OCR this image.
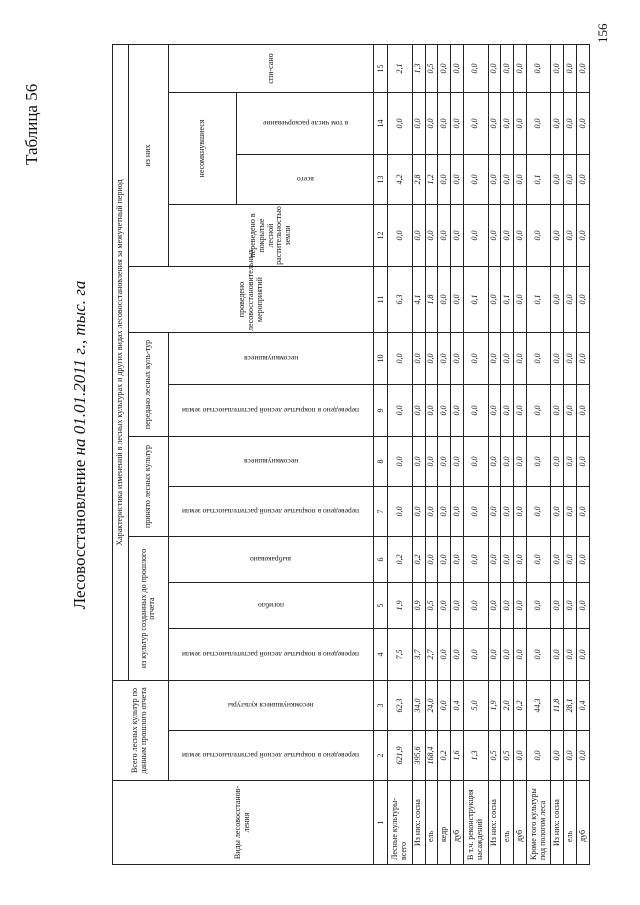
Таблица 56
Лесовосстановление на 01.01.2011 г., тыс. га
Виды лесовосстанов-ления	Всего лесных культур по данным прошлого отчета		Характеристика изменений в лесных культурах и других видах лесовосстановления за межучетный период											
			из культур созданных до прошлого отчета			принято лесных культур		передано лесных куль-тур		проведено лесовосстановительных мероприятий	из них			

	переведено в покрытые лесной растительностью земли	несомкнувшиеся культуры	переведено в покрытые лесной растительностью земли	погибло	выбраковано	переведено в покрытые лесной растительностью земли	несомкнувшиеся	переведено в покрытые лесной растительностью земли	несомкнувшиеся		переведено в покрытые лесной растительностью земли	несомкнувшиеся		спи-сано

												всего	в том числе раскорчевание	

1	2	3	4	5	6	7	8	9	10	11	12	13	14	15
Лесные культуры-всего	621,9	62,3	7,5	1,9	0,2	0,0	0,0	0,0	0,0	6,3	0,0	4,2	0,0	2,1
Из них: сосна	395,6	34,0	3,7	0,9	0,2	0,0	0,0	0,0	0,0	4,1	0,0	2,8	0,0	1,3
ель	168,4	24,0	2,7	0,5	0,0	0,0	0,0	0,0	0,0	1,8	0,0	1,2	0,0	0,5
кедр	0,2	0,0	0,0	0,0	0,0	0,0	0,0	0,0	0,0	0,0	0,0	0,0	0,0	0,0
дуб	1,6	0,4	0,0	0,0	0,0	0,0	0,0	0,0	0,0	0,0	0,0	0,0	0,0	0,0
В т.ч. реконструкция насаждений	1,3	5,0	0,0	0,0	0,0	0,0	0,0	0,0	0,0	0,1	0,0	0,0	0,0	0,0
Из них: сосна	0,5	1,9	0,0	0,0	0,0	0,0	0,0	0,0	0,0	0,0	0,0	0,0	0,0	0,0
ель	0,5	2,0	0,0	0,0	0,0	0,0	0,0	0,0	0,0	0,1	0,0	0,0	0,0	0,0
дуб	0,0	0,2	0,0	0,0	0,0	0,0	0,0	0,0	0,0	0,0	0,0	0,0	0,0	0,0
Кроме того культуры под пологом леса	0,0	44,3	0,0	0,0	0,0	0,0	0,0	0,0	0,0	0,1	0,0	0,1	0,0	0,0
Из них: сосна	0,0	11,8	0,0	0,0	0,0	0,0	0,0	0,0	0,0	0,0	0,0	0,0	0,0	0,0
ель	0,0	28,1	0,0	0,0	0,0	0,0	0,0	0,0	0,0	0,0	0,0	0,0	0,0	0,0
дуб	0,0	0,4	0,0	0,0	0,0	0,0	0,0	0,0	0,0	0,0	0,0	0,0	0,0	0,0
156
